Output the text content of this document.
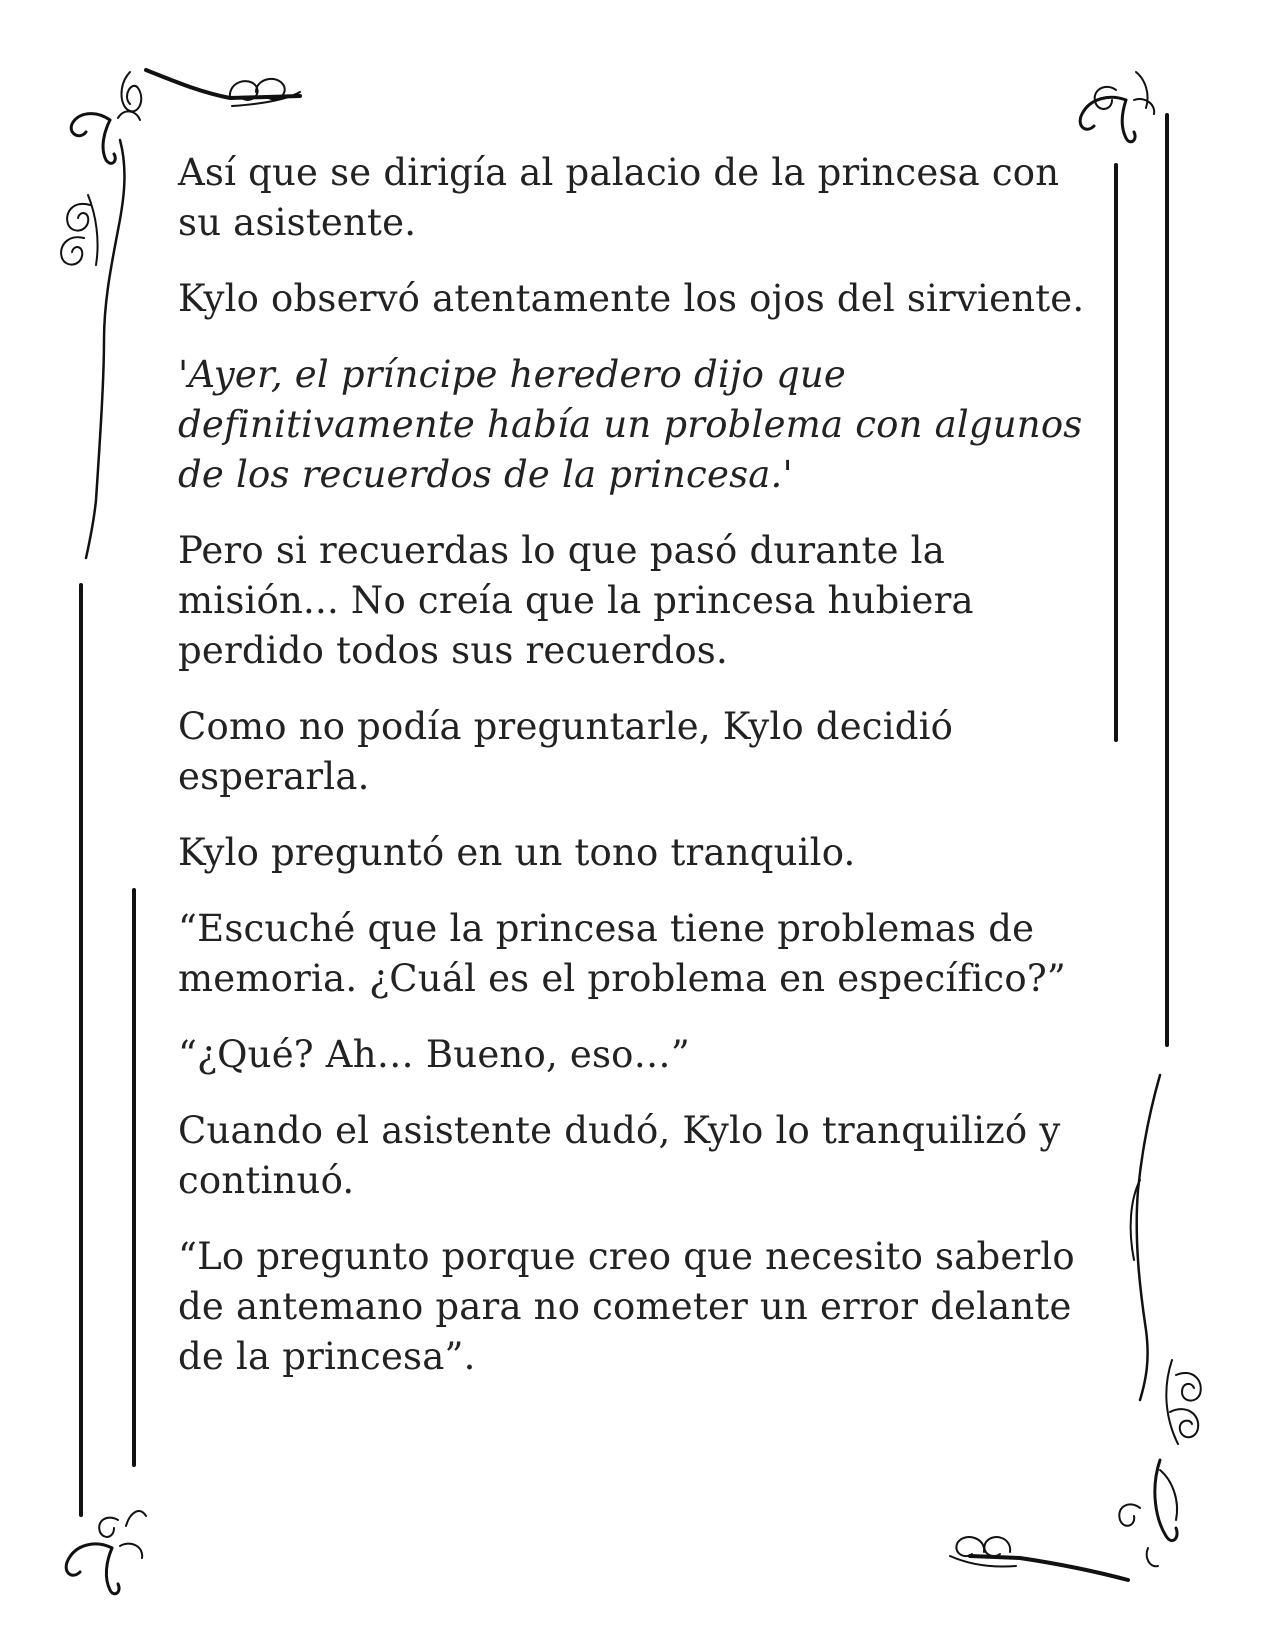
Así que se dirigía al palacio de la princesa con su asistente.

Kylo observó atentamente los ojos del sirviente.

'Ayer, el príncipe heredero dijo que definitivamente había un problema con algunos de los recuerdos de la princesa.'

Pero si recuerdas lo que pasó durante la misión... No creía que la princesa hubiera perdido todos sus recuerdos.

Como no podía preguntarle, Kylo decidió esperarla.

Kylo preguntó en un tono tranquilo.

“Escuché que la princesa tiene problemas de memoria. ¿Cuál es el problema en específico?”

“¿Qué? Ah… Bueno, eso…”

Cuando el asistente dudó, Kylo lo tranquilizó y continuó.

“Lo pregunto porque creo que necesito saberlo de antemano para no cometer un error delante de la princesa”.
